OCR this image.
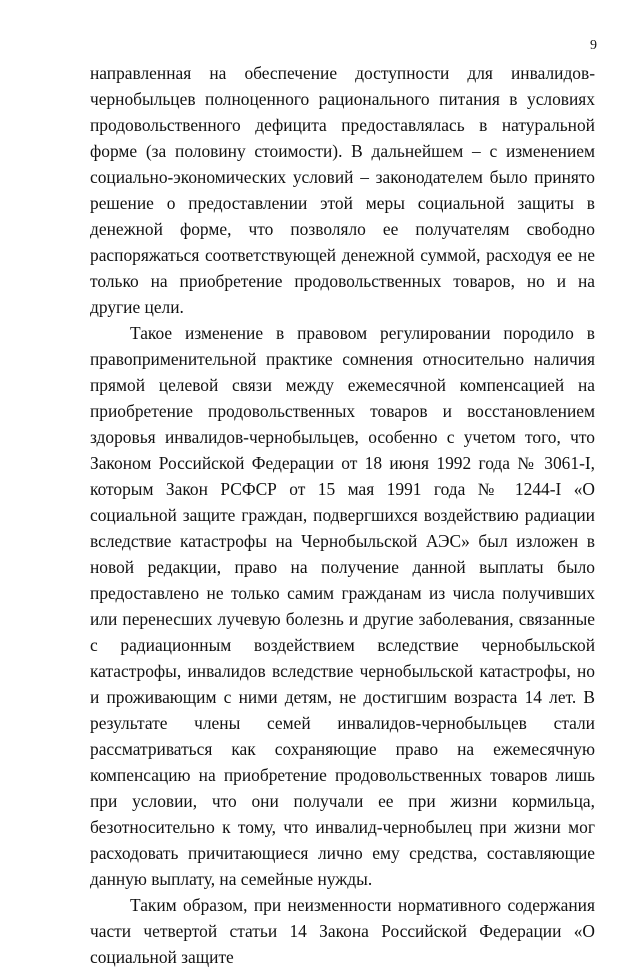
9

направленная на обеспечение доступности для инвалидов-чернобыльцев полноценного рационального питания в условиях продовольственного дефицита предоставлялась в натуральной форме (за половину стоимости). В дальнейшем – с изменением социально-экономических условий – законодателем было принято решение о предоставлении этой меры социальной защиты в денежной форме, что позволяло ее получателям свободно распоряжаться соответствующей денежной суммой, расходуя ее не только на приобретение продовольственных товаров, но и на другие цели.

Такое изменение в правовом регулировании породило в правоприменительной практике сомнения относительно наличия прямой целевой связи между ежемесячной компенсацией на приобретение продовольственных товаров и восстановлением здоровья инвалидов-чернобыльцев, особенно с учетом того, что Законом Российской Федерации от 18 июня 1992 года № 3061-I, которым Закон РСФСР от 15 мая 1991 года № 1244-I «О социальной защите граждан, подвергшихся воздействию радиации вследствие катастрофы на Чернобыльской АЭС» был изложен в новой редакции, право на получение данной выплаты было предоставлено не только самим гражданам из числа получивших или перенесших лучевую болезнь и другие заболевания, связанные с радиационным воздействием вследствие чернобыльской катастрофы, инвалидов вследствие чернобыльской катастрофы, но и проживающим с ними детям, не достигшим возраста 14 лет. В результате члены семей инвалидов-чернобыльцев стали рассматриваться как сохраняющие право на ежемесячную компенсацию на приобретение продовольственных товаров лишь при условии, что они получали ее при жизни кормильца, безотносительно к тому, что инвалид-чернобылец при жизни мог расходовать причитающиеся лично ему средства, составляющие данную выплату, на семейные нужды.

Таким образом, при неизменности нормативного содержания части четвертой статьи 14 Закона Российской Федерации «О социальной защите
